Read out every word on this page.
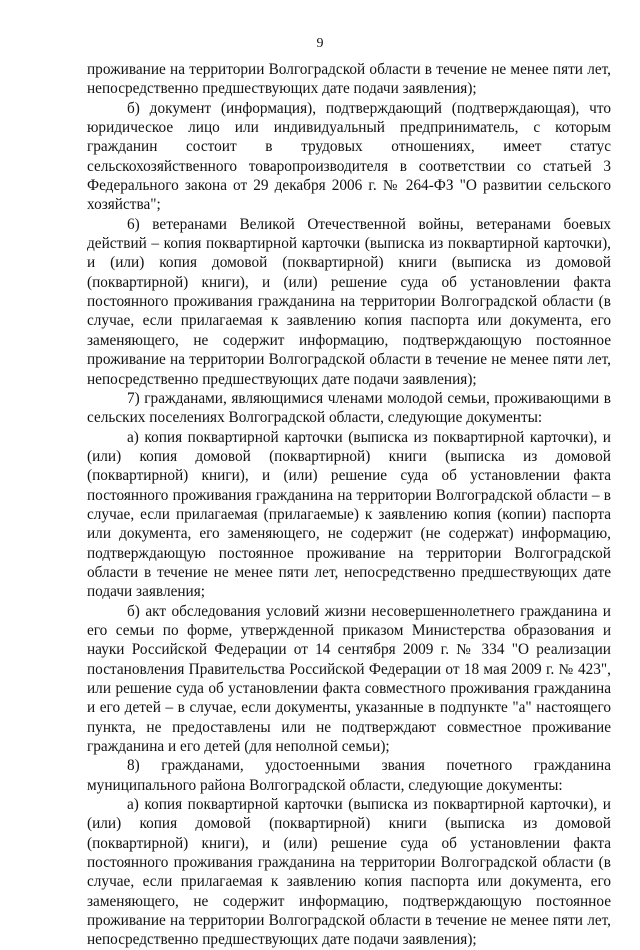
9

проживание на территории Волгоградской области в течение не менее пяти лет, непосредственно предшествующих дате подачи заявления);

б) документ (информация), подтверждающий (подтверждающая), что юридическое лицо или индивидуальный предприниматель, с которым гражданин состоит в трудовых отношениях, имеет статус сельскохозяйственного товаропроизводителя в соответствии со статьей 3 Федерального закона от 29 декабря 2006 г. № 264-ФЗ "О развитии сельского хозяйства";

6) ветеранами Великой Отечественной войны, ветеранами боевых действий – копия поквартирной карточки (выписка из поквартирной карточки), и (или) копия домовой (поквартирной) книги (выписка из домовой (поквартирной) книги), и (или) решение суда об установлении факта постоянного проживания гражданина на территории Волгоградской области (в случае, если прилагаемая к заявлению копия паспорта или документа, его заменяющего, не содержит информацию, подтверждающую постоянное проживание на территории Волгоградской области в течение не менее пяти лет, непосредственно предшествующих дате подачи заявления);

7) гражданами, являющимися членами молодой семьи, проживающими в сельских поселениях Волгоградской области, следующие документы:

а) копия поквартирной карточки (выписка из поквартирной карточки), и (или) копия домовой (поквартирной) книги (выписка из домовой (поквартирной) книги), и (или) решение суда об установлении факта постоянного проживания гражданина на территории Волгоградской области – в случае, если прилагаемая (прилагаемые) к заявлению копия (копии) паспорта или документа, его заменяющего, не содержит (не содержат) информацию, подтверждающую постоянное проживание на территории Волгоградской области в течение не менее пяти лет, непосредственно предшествующих дате подачи заявления;

б) акт обследования условий жизни несовершеннолетнего гражданина и его семьи по форме, утвержденной приказом Министерства образования и науки Российской Федерации от 14 сентября 2009 г. № 334 "О реализации постановления Правительства Российской Федерации от 18 мая 2009 г. № 423", или решение суда об установлении факта совместного проживания гражданина и его детей – в случае, если документы, указанные в подпункте "а" настоящего пункта, не предоставлены или не подтверждают совместное проживание гражданина и его детей (для неполной семьи);

8) гражданами, удостоенными звания почетного гражданина муниципального района Волгоградской области, следующие документы:

а) копия поквартирной карточки (выписка из поквартирной карточки), и (или) копия домовой (поквартирной) книги (выписка из домовой (поквартирной) книги), и (или) решение суда об установлении факта постоянного проживания гражданина на территории Волгоградской области (в случае, если прилагаемая к заявлению копия паспорта или документа, его заменяющего, не содержит информацию, подтверждающую постоянное проживание на территории Волгоградской области в течение не менее пяти лет, непосредственно предшествующих дате подачи заявления);
